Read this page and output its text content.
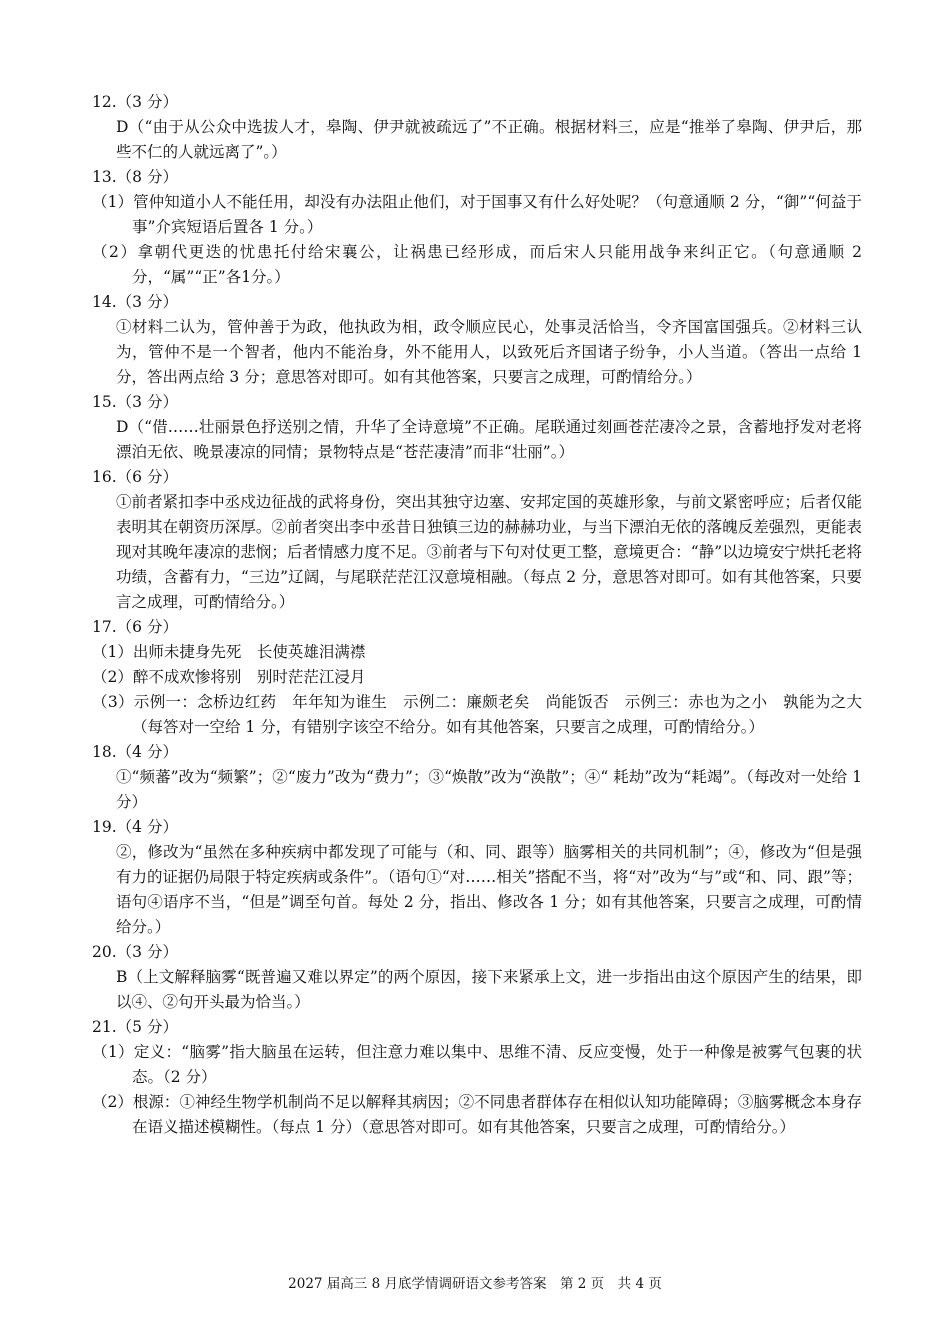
12.（3 分）
D（“由于从公众中选拔人才，皋陶、伊尹就被疏远了”不正确。根据材料三，应是“推举了皋陶、伊尹后，那些不仁的人就远离了”。）
13.（8 分）
（1）管仲知道小人不能任用，却没有办法阻止他们，对于国事又有什么好处呢？（句意通顺 2 分，“御”“何益于事”介宾短语后置各 1 分。）
（2）拿朝代更迭的忧患托付给宋襄公，让祸患已经形成，而后宋人只能用战争来纠正它。（句意通顺 2分，“属”“正”各1分。）
14.（3 分）
①材料二认为，管仲善于为政，他执政为相，政令顺应民心，处事灵活恰当，令齐国富国强兵。②材料三认为，管仲不是一个智者，他内不能治身，外不能用人，以致死后齐国诸子纷争，小人当道。（答出一点给 1 分，答出两点给 3 分；意思答对即可。如有其他答案，只要言之成理，可酌情给分。）
15.（3 分）
D（“借……壮丽景色抒送别之情，升华了全诗意境”不正确。尾联通过刻画苍茫凄冷之景，含蓄地抒发对老将漂泊无依、晚景凄凉的同情；景物特点是“苍茫凄清”而非“壮丽”。）
16.（6 分）
①前者紧扣李中丞戍边征战的武将身份，突出其独守边塞、安邦定国的英雄形象，与前文紧密呼应；后者仅能表明其在朝资历深厚。②前者突出李中丞昔日独镇三边的赫赫功业，与当下漂泊无依的落魄反差强烈，更能表现对其晚年凄凉的悲悯；后者情感力度不足。③前者与下句对仗更工整，意境更合：“静”以边境安宁烘托老将功绩，含蓄有力，“三边”辽阔，与尾联茫茫江汉意境相融。（每点 2 分，意思答对即可。如有其他答案，只要言之成理，可酌情给分。）
17.（6 分）
（1）出师未捷身先死　长使英雄泪满襟
（2）醉不成欢惨将别　别时茫茫江浸月
（3）示例一：念桥边红药　年年知为谁生　示例二：廉颇老矣　尚能饭否　示例三：赤也为之小　孰能为之大（每答对一空给 1 分，有错别字该空不给分。如有其他答案，只要言之成理，可酌情给分。）
18.（4 分）
①“频蕃”改为“频繁”；②“废力”改为“费力”；③“焕散”改为“涣散”；④“ 耗劫”改为“耗竭”。（每改对一处给 1 分）
19.（4 分）
②，修改为“虽然在多种疾病中都发现了可能与（和、同、跟等）脑雾相关的共同机制”；④，修改为“但是强有力的证据仍局限于特定疾病或条件”。（语句①“对……相关”搭配不当，将“对”改为“与”或“和、同、跟”等；语句④语序不当，“但是”调至句首。每处 2 分，指出、修改各 1 分；如有其他答案，只要言之成理，可酌情给分。）
20.（3 分）
B（上文解释脑雾“既普遍又难以界定”的两个原因，接下来紧承上文，进一步指出由这个原因产生的结果，即以④、②句开头最为恰当。）
21.（5 分）
（1）定义：“脑雾”指大脑虽在运转，但注意力难以集中、思维不清、反应变慢，处于一种像是被雾气包裹的状态。（2 分）
（2）根源：①神经生物学机制尚不足以解释其病因；②不同患者群体存在相似认知功能障碍；③脑雾概念本身存在语义描述模糊性。（每点 1 分）（意思答对即可。如有其他答案，只要言之成理，可酌情给分。）
2027 届高三 8 月底学情调研语文参考答案　第 2 页　共 4 页
